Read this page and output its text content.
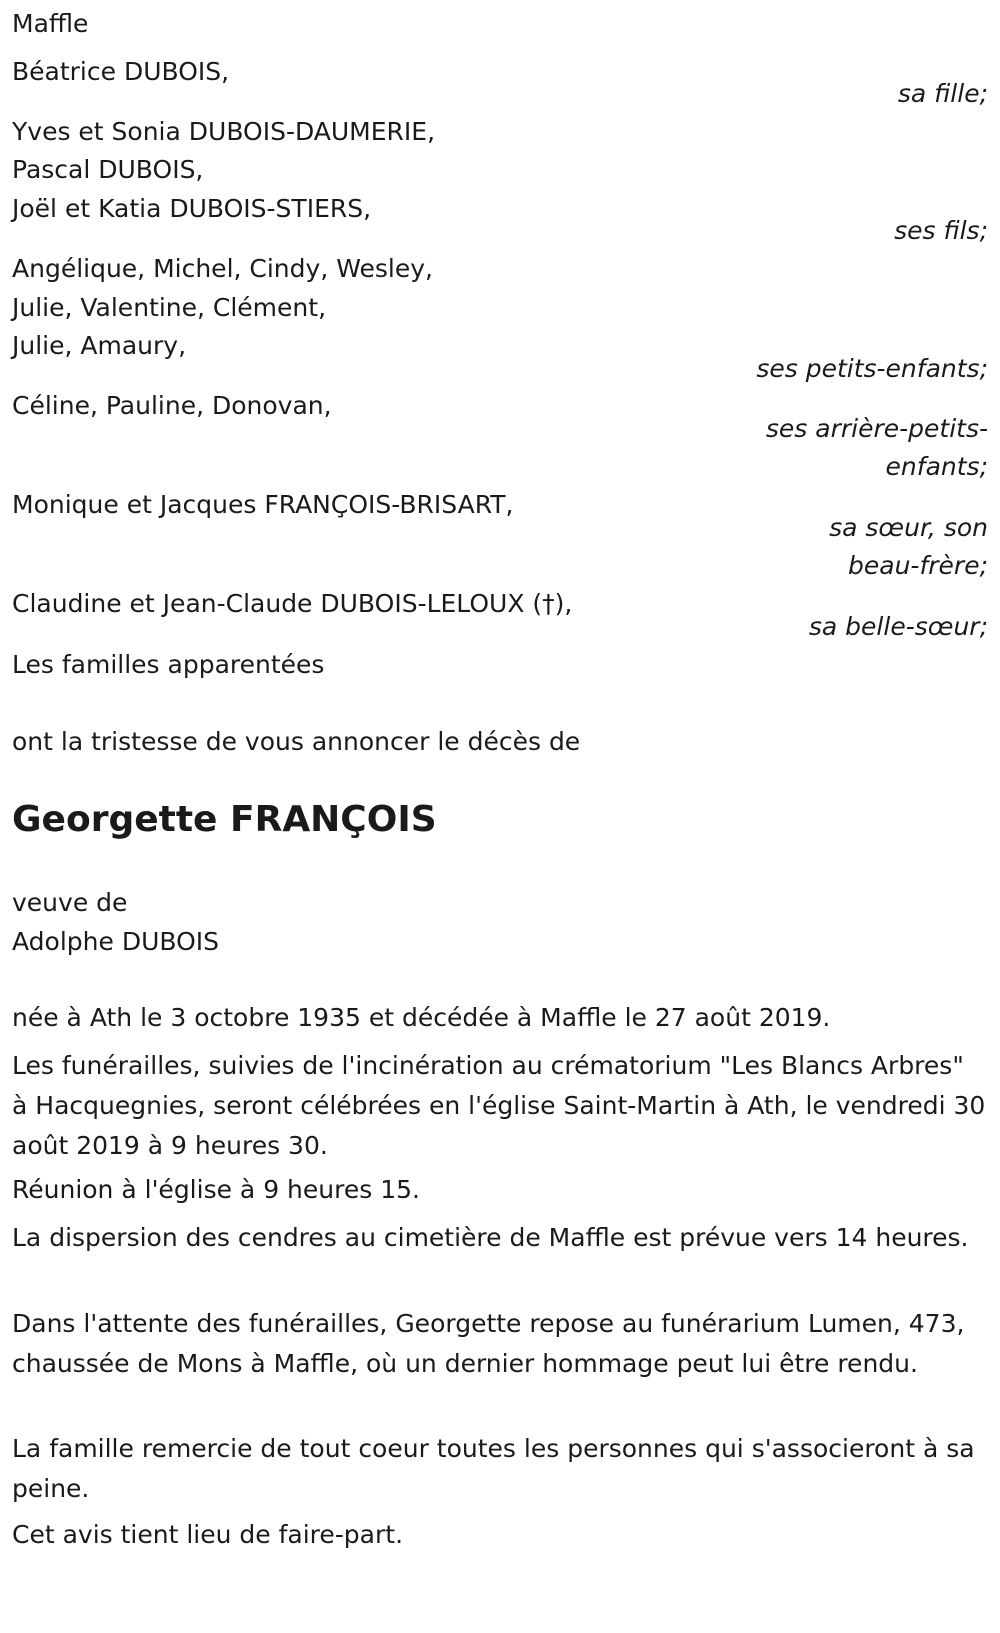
Maffle
Béatrice DUBOIS,
sa fille;
Yves et Sonia DUBOIS-DAUMERIE,
Pascal DUBOIS,
Joël et Katia DUBOIS-STIERS,
ses fils;
Angélique, Michel, Cindy, Wesley,
Julie, Valentine, Clément,
Julie, Amaury,
ses petits-enfants;
Céline, Pauline, Donovan,
ses arrière-petits-
enfants;
Monique et Jacques FRANÇOIS-BRISART,
sa sœur, son
beau-frère;
Claudine et Jean-Claude DUBOIS-LELOUX (†),
sa belle-sœur;
Les familles apparentées
ont la tristesse de vous annoncer le décès de
Georgette FRANÇOIS
veuve de
Adolphe DUBOIS
née à Ath le 3 octobre 1935 et décédée à Maffle le 27 août 2019.
Les funérailles, suivies de l'incinération au crématorium "Les Blancs Arbres" à Hacquegnies, seront célébrées en l'église Saint-Martin à Ath, le vendredi 30 août 2019 à 9 heures 30.
Réunion à l'église à 9 heures 15.
La dispersion des cendres au cimetière de Maffle est prévue vers 14 heures.
Dans l'attente des funérailles, Georgette repose au funérarium Lumen, 473, chaussée de Mons à Maffle, où un dernier hommage peut lui être rendu.
La famille remercie de tout coeur toutes les personnes qui s'associeront à sa peine.
Cet avis tient lieu de faire-part.
